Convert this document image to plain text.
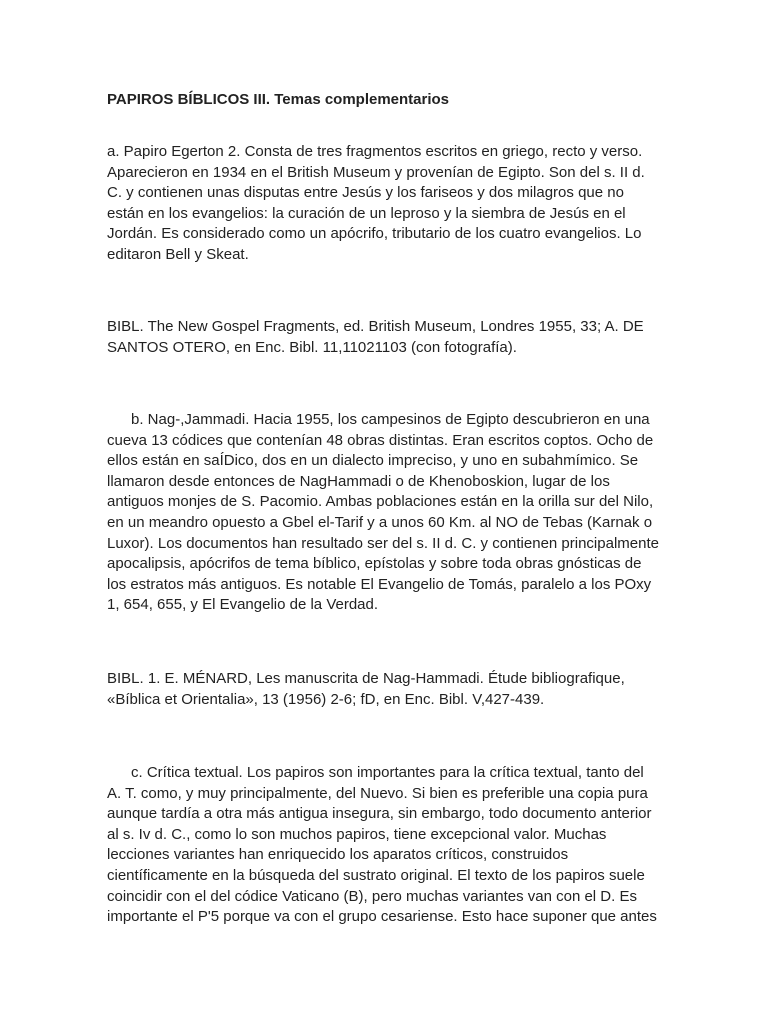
PAPIROS BÍBLICOS III. Temas complementarios
a. Papiro Egerton 2. Consta de tres fragmentos escritos en griego, recto y verso.
Aparecieron en 1934 en el British Museum y provenían de Egipto. Son del s. II d.
C. y contienen unas disputas entre Jesús y los fariseos y dos milagros que no
están en los evangelios: la curación de un leproso y la siembra de Jesús en el
Jordán. Es considerado como un apócrifo, tributario de los cuatro evangelios. Lo
editaron Bell y Skeat.
BIBL. The New Gospel Fragments, ed. British Museum, Londres 1955, 33; A. DE
SANTOS OTERO, en Enc. Bibl. 11,11021103 (con fotografía).
b. Nag-,Jammadi. Hacia 1955, los campesinos de Egipto descubrieron en una
cueva 13 códices que contenían 48 obras distintas. Eran escritos coptos. Ocho de
ellos están en saÍDico, dos en un dialecto impreciso, y uno en subahmímico. Se
llamaron desde entonces de NagHammadi o de Khenoboskion, lugar de los
antiguos monjes de S. Pacomio. Ambas poblaciones están en la orilla sur del Nilo,
en un meandro opuesto a Gbel el-Tarif y a unos 60 Km. al NO de Tebas (Karnak o
Luxor). Los documentos han resultado ser del s. II d. C. y contienen principalmente
apocalipsis, apócrifos de tema bíblico, epístolas y sobre toda obras gnósticas de
los estratos más antiguos. Es notable El Evangelio de Tomás, paralelo a los POxy
1, 654, 655, y El Evangelio de la Verdad.
BIBL. 1. E. MÉNARD, Les manuscrita de Nag-Hammadi. Étude bibliografique,
«Bíblica et Orientalia», 13 (1956) 2-6; fD, en Enc. Bibl. V,427-439.
c. Crítica textual. Los papiros son importantes para la crítica textual, tanto del
A. T. como, y muy principalmente, del Nuevo. Si bien es preferible una copia pura
aunque tardía a otra más antigua insegura, sin embargo, todo documento anterior
al s. Iv d. C., como lo son muchos papiros, tiene excepcional valor. Muchas
lecciones variantes han enriquecido los aparatos críticos, construidos
científicamente en la búsqueda del sustrato original. El texto de los papiros suele
coincidir con el del códice Vaticano (B), pero muchas variantes van con el D. Es
importante el P'5 porque va con el grupo cesariense. Esto hace suponer que antes
